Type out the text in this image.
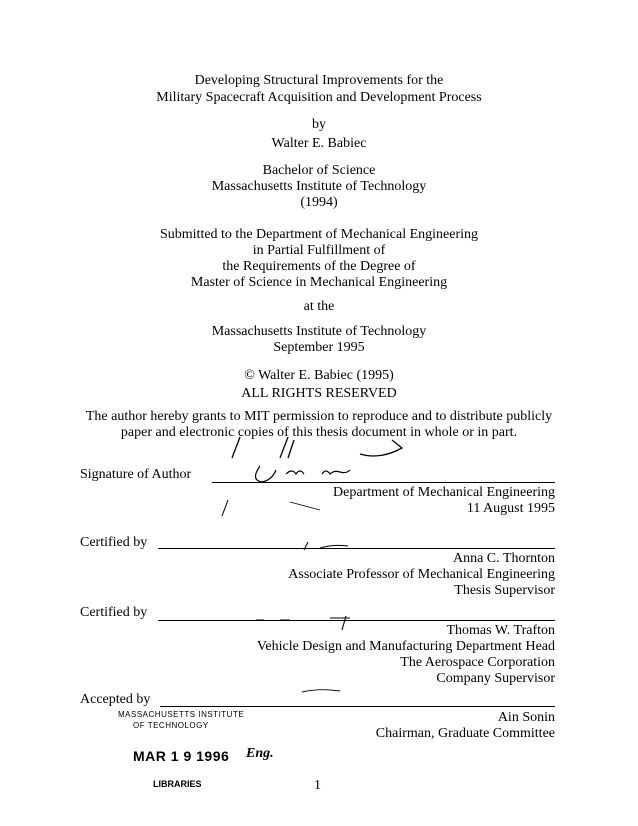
Developing Structural Improvements for the
Military Spacecraft Acquisition and Development Process
by
Walter E. Babiec
Bachelor of Science
Massachusetts Institute of Technology
(1994)
Submitted to the Department of Mechanical Engineering
in Partial Fulfillment of
the Requirements of the Degree of
Master of Science in Mechanical Engineering
at the
Massachusetts Institute of Technology
September 1995
© Walter E. Babiec (1995)
ALL RIGHTS RESERVED
The author hereby grants to MIT permission to reproduce and to distribute publicly
paper and electronic copies of this thesis document in whole or in part.
Signature of Author
Department of Mechanical Engineering
11 August 1995
Certified by
Anna C. Thornton
Associate Professor of Mechanical Engineering
Thesis Supervisor
Certified by
Thomas W. Trafton
Vehicle Design and Manufacturing Department Head
The Aerospace Corporation
Company Supervisor
Accepted by
Ain Sonin
Chairman, Graduate Committee
MASSACHUSETTS INSTITUTE
OF TECHNOLOGY
MAR 1 9 1996 Eng.
LIBRARIES	1
